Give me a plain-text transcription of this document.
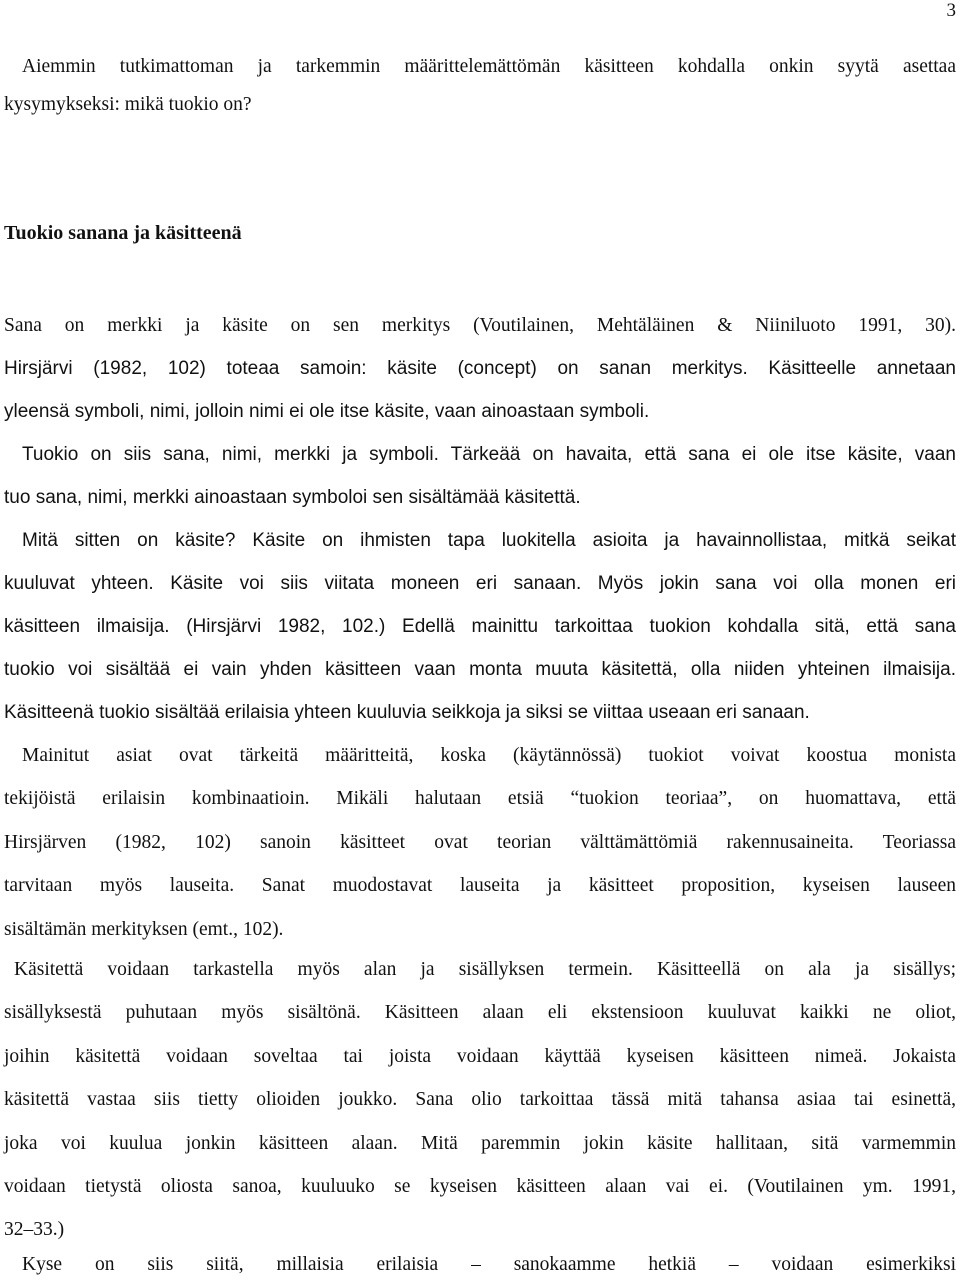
3
Aiemmin tutkimattoman ja tarkemmin määrittelemättömän käsitteen kohdalla onkin syytä asettaa
kysymykseksi: mikä tuokio on?
Tuokio sanana ja käsitteenä
Sana on merkki ja käsite on sen merkitys (Voutilainen, Mehtäläinen & Niiniluoto 1991, 30).
Hirsjärvi (1982, 102) toteaa samoin: käsite (concept) on sanan merkitys. Käsitteelle annetaan
yleensä symboli, nimi, jolloin nimi ei ole itse käsite, vaan ainoastaan symboli.
Tuokio on siis sana, nimi, merkki ja symboli. Tärkeää on havaita, että sana ei ole itse käsite, vaan
tuo sana, nimi, merkki ainoastaan symboloi sen sisältämää käsitettä.
Mitä sitten on käsite? Käsite on ihmisten tapa luokitella asioita ja havainnollistaa, mitkä seikat
kuuluvat yhteen. Käsite voi siis viitata moneen eri sanaan. Myös jokin sana voi olla monen eri
käsitteen ilmaisija. (Hirsjärvi 1982, 102.) Edellä mainittu tarkoittaa tuokion kohdalla sitä, että sana
tuokio voi sisältää ei vain yhden käsitteen vaan monta muuta käsitettä, olla niiden yhteinen ilmaisija.
Käsitteenä tuokio sisältää erilaisia yhteen kuuluvia seikkoja ja siksi se viittaa useaan eri sanaan.
Mainitut asiat ovat tärkeitä määritteitä, koska (käytännössä) tuokiot voivat koostua monista
tekijöistä erilaisin kombinaatioin. Mikäli halutaan etsiä “tuokion teoriaa”, on huomattava, että
Hirsjärven (1982, 102) sanoin käsitteet ovat teorian välttämättömiä rakennusaineita. Teoriassa
tarvitaan myös lauseita. Sanat muodostavat lauseita ja käsitteet proposition, kyseisen lauseen
sisältämän merkityksen (emt., 102).
Käsitettä voidaan tarkastella myös alan ja sisällyksen termein. Käsitteellä on ala ja sisällys;
sisällyksestä puhutaan myös sisältönä. Käsitteen alaan eli ekstensioon kuuluvat kaikki ne oliot,
joihin käsitettä voidaan soveltaa tai joista voidaan käyttää kyseisen käsitteen nimeä. Jokaista
käsitettä vastaa siis tietty olioiden joukko. Sana olio tarkoittaa tässä mitä tahansa asiaa tai esinettä,
joka voi kuulua jonkin käsitteen alaan. Mitä paremmin jokin käsite hallitaan, sitä varmemmin
voidaan tietystä oliosta sanoa, kuuluuko se kyseisen käsitteen alaan vai ei. (Voutilainen ym. 1991,
32–33.)
Kyse on siis siitä, millaisia erilaisia – sanokaamme hetkiä – voidaan esimerkiksi
